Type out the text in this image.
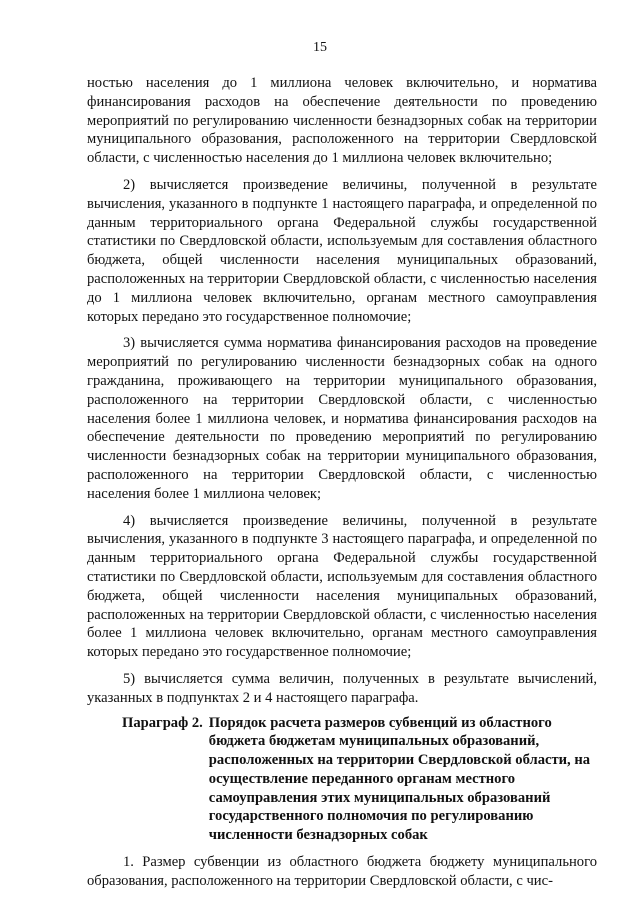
15

ностью населения до 1 миллиона человек включительно, и норматива финансирования расходов на обеспечение деятельности по проведению мероприятий по регулированию численности безнадзорных собак на территории муниципального образования, расположенного на территории Свердловской области, с численностью населения до 1 миллиона человек включительно;

2) вычисляется произведение величины, полученной в результате вычисления, указанного в подпункте 1 настоящего параграфа, и определенной по данным территориального органа Федеральной службы государственной статистики по Свердловской области, используемым для составления областного бюджета, общей численности населения муниципальных образований, расположенных на территории Свердловской области, с численностью населения до 1 миллиона человек включительно, органам местного самоуправления которых передано это государственное полномочие;

3) вычисляется сумма норматива финансирования расходов на проведение мероприятий по регулированию численности безнадзорных собак на одного гражданина, проживающего на территории муниципального образования, расположенного на территории Свердловской области, с численностью населения более 1 миллиона человек, и норматива финансирования расходов на обеспечение деятельности по проведению мероприятий по регулированию численности безнадзорных собак на территории муниципального образования, расположенного на территории Свердловской области, с численностью населения более 1 миллиона человек;

4) вычисляется произведение величины, полученной в результате вычисления, указанного в подпункте 3 настоящего параграфа, и определенной по данным территориального органа Федеральной службы государственной статистики по Свердловской области, используемым для составления областного бюджета, общей численности населения муниципальных образований, расположенных на территории Свердловской области, с численностью населения более 1 миллиона человек включительно, органам местного самоуправления которых передано это государственное полномочие;

5) вычисляется сумма величин, полученных в результате вычислений, указанных в подпунктах 2 и 4 настоящего параграфа.

Параграф 2. Порядок расчета размеров субвенций из областного бюджета бюджетам муниципальных образований, расположенных на территории Свердловской области, на осуществление переданного органам местного самоуправления этих муниципальных образований государственного полномочия по регулированию численности безнадзорных собак

1. Размер субвенции из областного бюджета бюджету муниципального образования, расположенного на территории Свердловской области, с чис-
